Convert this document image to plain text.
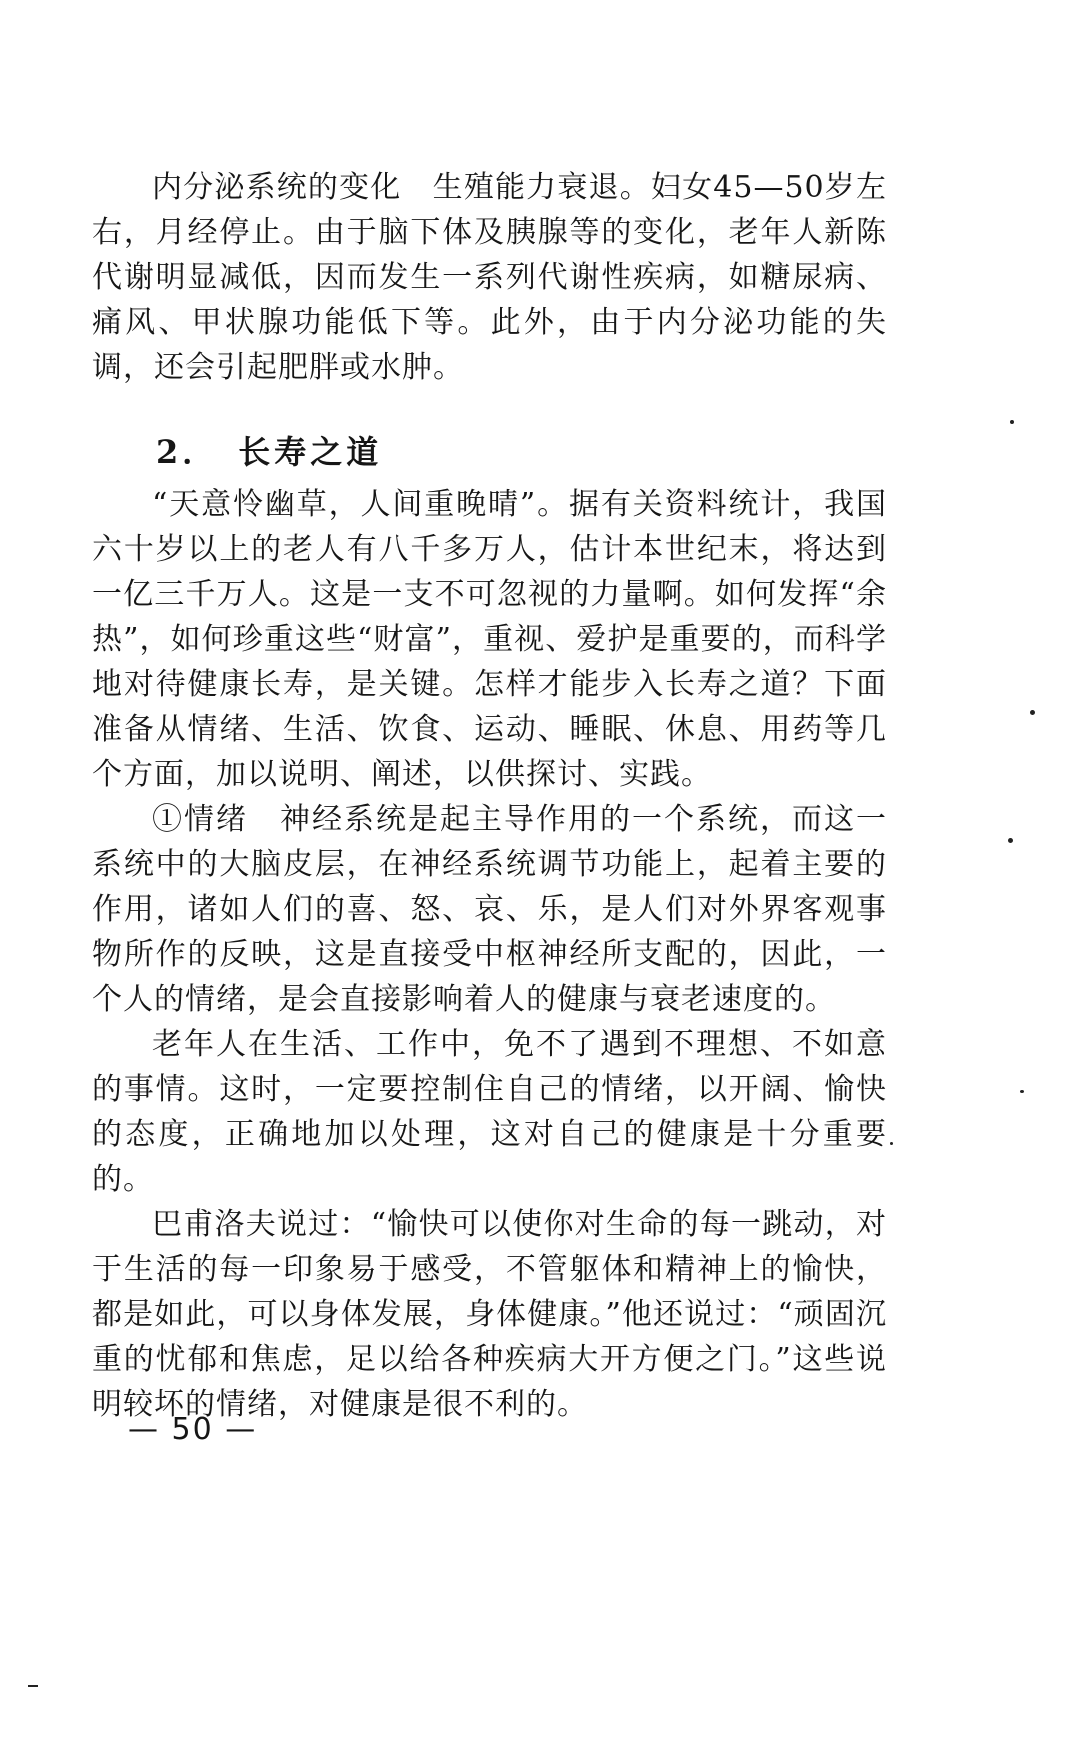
内分泌系统的变化　生殖能力衰退。妇女45—50岁左右，月经停止。由于脑下体及胰腺等的变化，老年人新陈代谢明显减低，因而发生一系列代谢性疾病，如糖尿病、痛风、甲状腺功能低下等。此外，由于内分泌功能的失调，还会引起肥胖或水肿。

2．　长寿之道

“天意怜幽草，人间重晚晴”。据有关资料统计，我国六十岁以上的老人有八千多万人，估计本世纪末，将达到一亿三千万人。这是一支不可忽视的力量啊。如何发挥“余热”，如何珍重这些“财富”，重视、爱护是重要的，而科学地对待健康长寿，是关键。怎样才能步入长寿之道？下面准备从情绪、生活、饮食、运动、睡眠、休息、用药等几个方面，加以说明、阐述，以供探讨、实践。

①情绪　神经系统是起主导作用的一个系统，而这一系统中的大脑皮层，在神经系统调节功能上，起着主要的作用，诸如人们的喜、怒、哀、乐，是人们对外界客观事物所作的反映，这是直接受中枢神经所支配的，因此，一个人的情绪，是会直接影响着人的健康与衰老速度的。

老年人在生活、工作中，免不了遇到不理想、不如意的事情。这时，一定要控制住自己的情绪，以开阔、愉快的态度，正确地加以处理，这对自己的健康是十分重要的。

巴甫洛夫说过：“愉快可以使你对生命的每一跳动，对于生活的每一印象易于感受，不管躯体和精神上的愉快，都是如此，可以身体发展，身体健康。”他还说过：“顽固沉重的忧郁和焦虑，足以给各种疾病大开方便之门。”这些说明较坏的情绪，对健康是很不利的。

— 50 —
